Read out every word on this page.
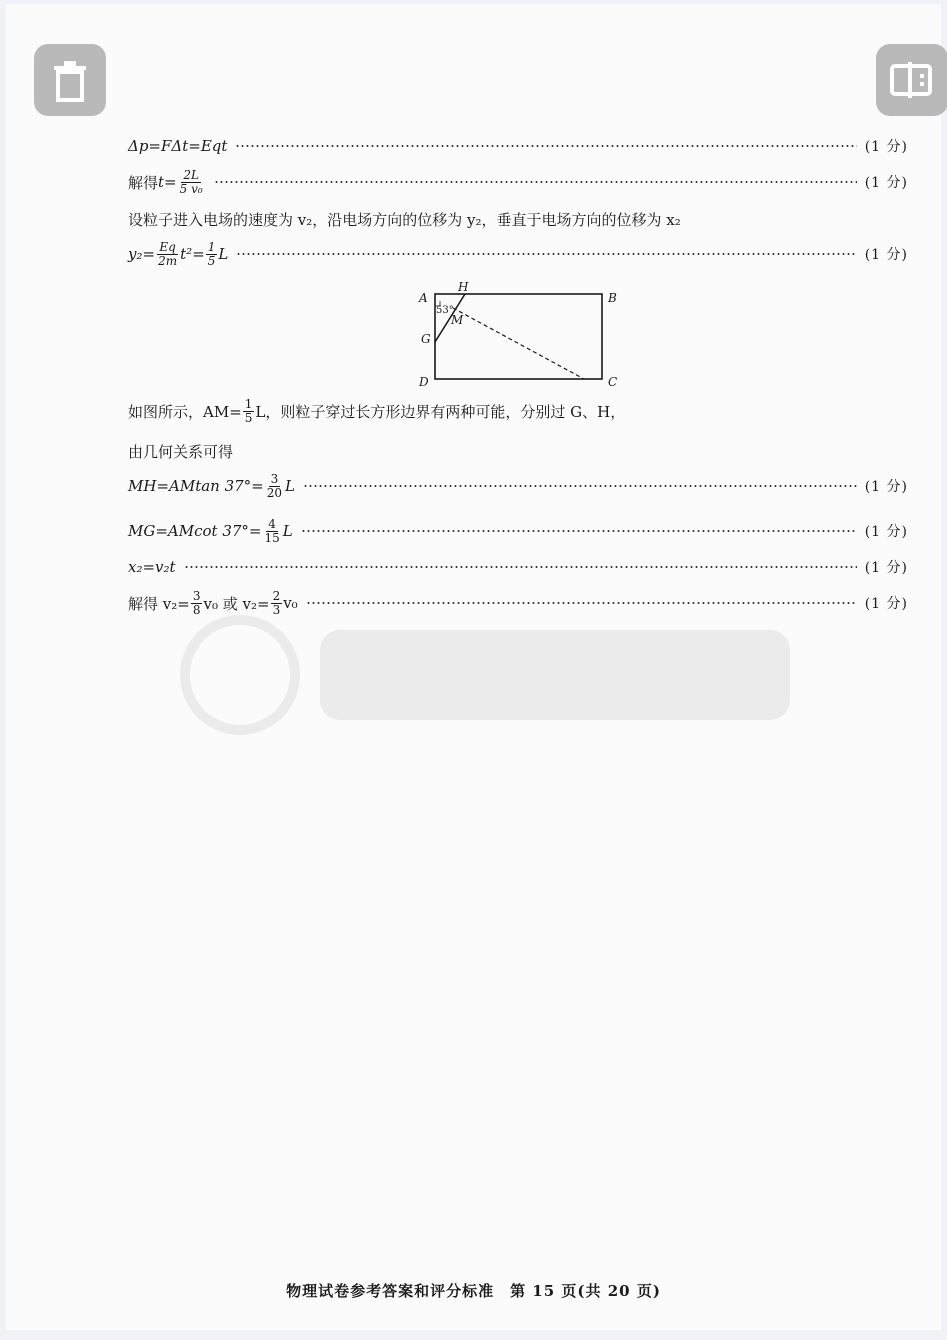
Δp=FΔt=Eqt	(1 分)
解得 $t = \frac{2L}{\text{5 v₀}}$	(1 分)
设粒子进入电场的速度为 v₂，沿电场方向的位移为 y₂，垂直于电场方向的位移为 x₂
$y_2= \frac{Eq}{2m} t^2= \frac{1}{5}$ L	(1 分)
A	B
C
D
G
H
M
53°
如图所示，$AM= \frac{1}{5}$ L，则粒子穿过长方形边界有两种可能，分别过 G、H，
由几何关系可得
MH=AMtan $37^\circ= \frac{3}{20}$ L	(1 分)
MG=AMcot $37^\circ= \frac{4}{15}$ L	(1 分)
x₂=v₂t	(1 分)
解得 $v_2= \frac{3}{8} v_0$ 或 $v_2= \frac{2}{3} v_0$	(1 分)
物理试卷参考答案和评分标准　第 15 页(共 20 页)
